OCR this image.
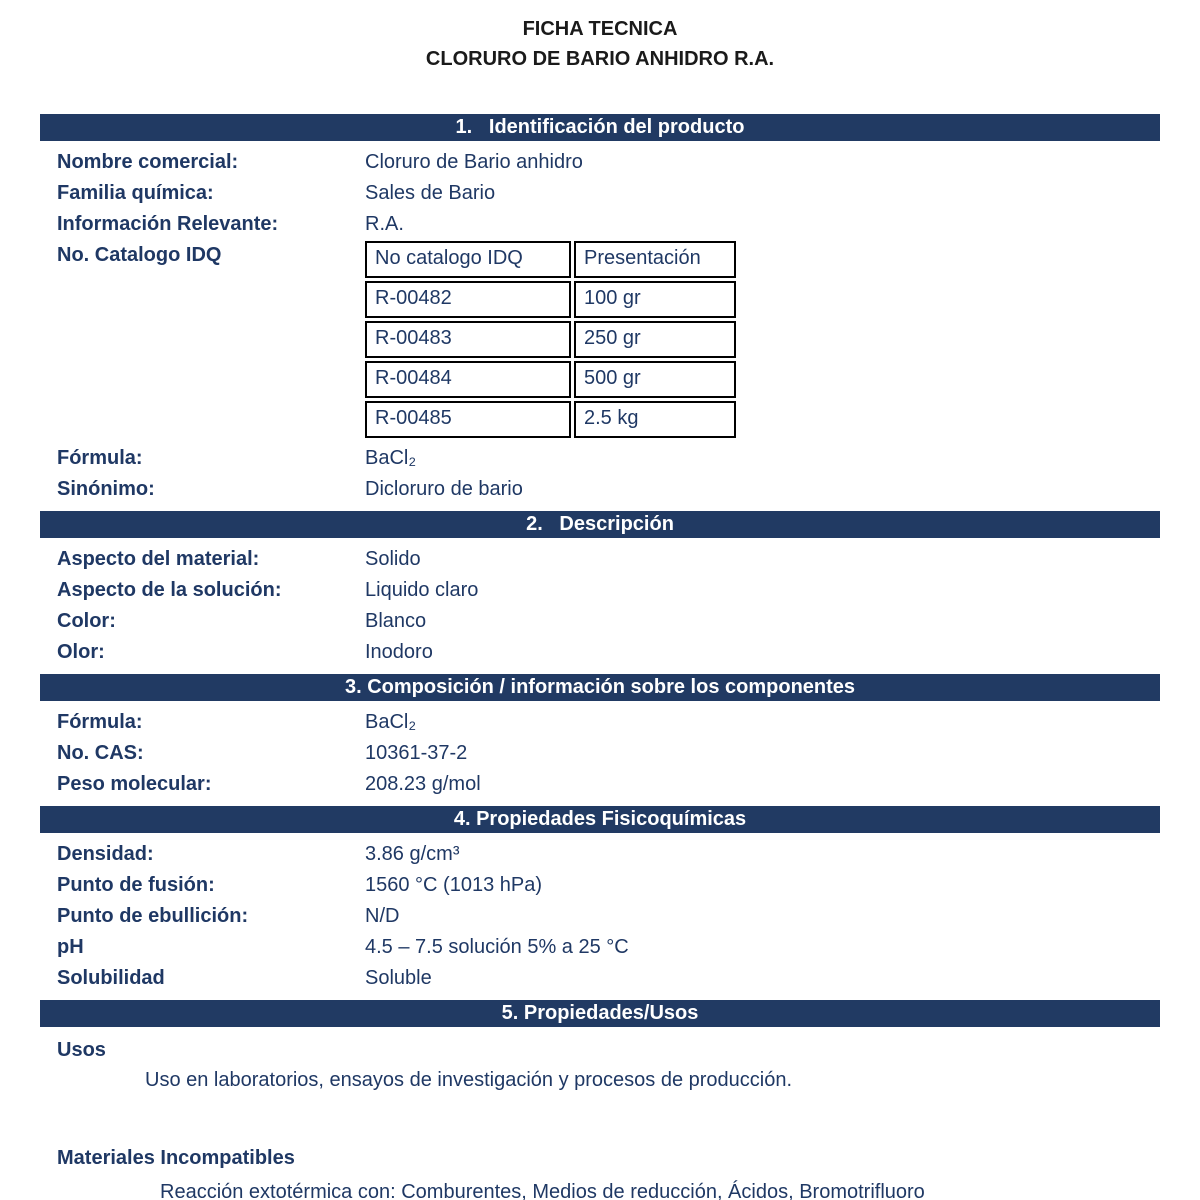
FICHA TECNICA
CLORURO DE BARIO ANHIDRO R.A.
1.   Identificación del producto
Nombre comercial:	Cloruro de Bario anhidro
Familia química:	Sales de Bario
Información Relevante:	R.A.
No. Catalogo IDQ	No catalogo IDQ	Presentación
R-00482	100 gr
R-00483	250 gr
R-00484	500 gr
R-00485	2.5 kg
Fórmula:	BaCl₂
Sinónimo:	Dicloruro de bario
2.   Descripción
Aspecto del material:	Solido
Aspecto de la solución:	Liquido claro
Color:	Blanco
Olor:	Inodoro
3. Composición / información sobre los componentes
Fórmula:	BaCl₂
No. CAS:	10361-37-2
Peso molecular:	208.23 g/mol
4. Propiedades Fisicoquímicas
Densidad:	3.86 g/cm³
Punto de fusión:	1560 °C (1013 hPa)
Punto de ebullición:	N/D
pH	4.5 – 7.5 solución 5% a 25 °C
Solubilidad	Soluble
5. Propiedades/Usos
Usos
Uso en laboratorios, ensayos de investigación y procesos de producción.
Materiales Incompatibles
Reacción extotérmica con: Comburentes, Medios de reducción, Ácidos, Bromotrifluoro
